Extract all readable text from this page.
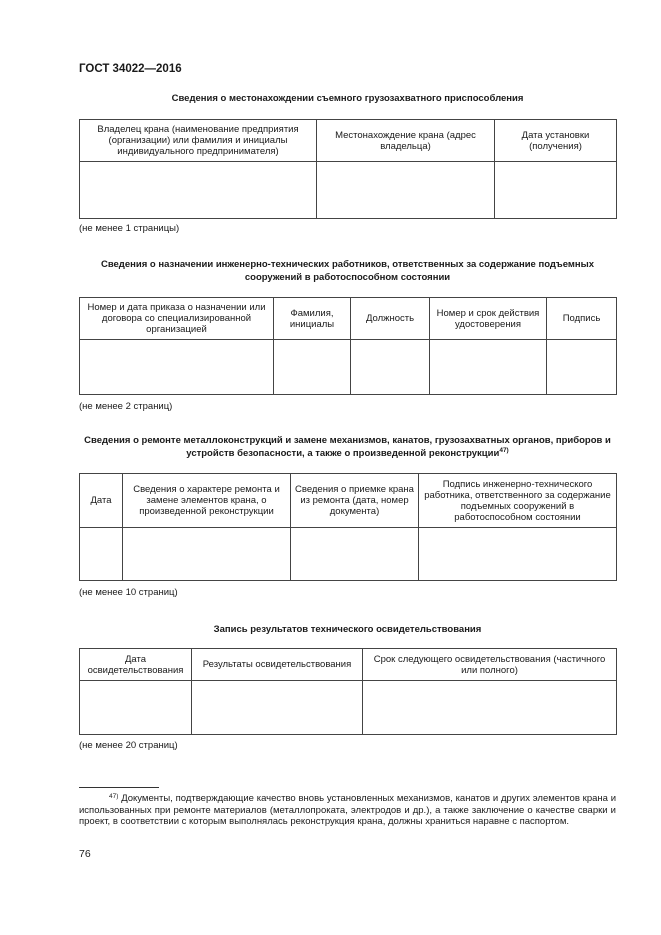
ГОСТ 34022—2016
Сведения о местонахождении съемного грузозахватного приспособления
Владелец крана (наименование предприятия (организации) или фамилия и инициалы индивидуального предпринимателя)	Местонахождение крана (адрес владельца)	Дата установки (получения)

(не менее 1 страницы)
Сведения о назначении инженерно-технических работников, ответственных за содержание подъемных сооружений в работоспособном состоянии
Номер и дата приказа о назначении или договора со специализированной организацией	Фамилия, инициалы	Должность	Номер и срок действия удостоверения	Подпись

(не менее 2 страниц)
Сведения о ремонте металлоконструкций и замене механизмов, канатов, грузозахватных органов, приборов и устройств безопасности, а также о произведенной реконструкции$^{47)}$
Дата	Сведения о характере ремонта и замене элементов крана, о произведенной реконструкции	Сведения о приемке крана из ремонта (дата, номер документа)	Подпись инженерно-технического работника, ответственного за содержание подъемных сооружений в работоспособном состоянии

(не менее 10 страниц)
Запись результатов технического освидетельствования
Дата освидетельствования	Результаты освидетельствования	Срок следующего освидетельствования (частичного или полного)

(не менее 20 страниц)
$^{47)}$ Документы, подтверждающие качество вновь установленных механизмов, канатов и других элементов крана и использованных при ремонте материалов (металлопроката, электродов и др.), а также заключение о качестве сварки и проект, в соответствии с которым выполнялась реконструкция крана, должны храниться наравне с паспортом.
76
